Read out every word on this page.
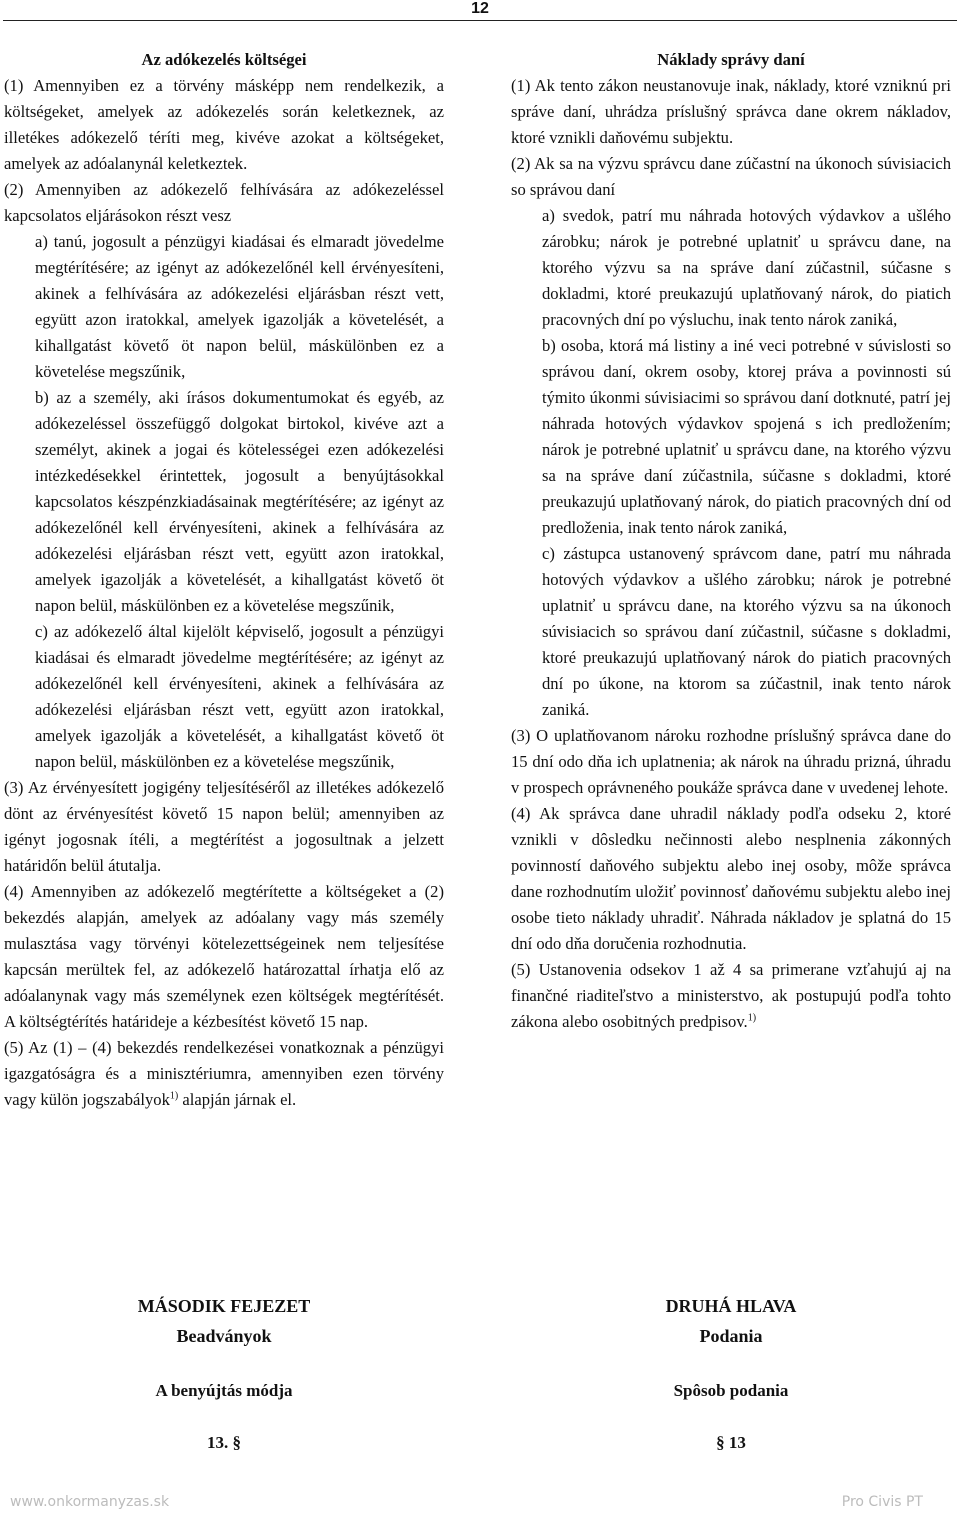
12

Az adókezelés költségei

(1) Amennyiben ez a törvény másképp nem rendelkezik, a költségeket, amelyek az adókezelés során keletkeznek, az illetékes adókezelő téríti meg, kivéve azokat a költségeket, amelyek az adóalanynál keletkeztek.

(2) Amennyiben az adókezelő felhívására az adókezeléssel kapcsolatos eljárásokon részt vesz

a) tanú, jogosult a pénzügyi kiadásai és elmaradt jövedelme megtérítésére; az igényt az adókezelőnél kell érvényesíteni, akinek a felhívására az adókezelési eljárásban részt vett, együtt azon iratokkal, amelyek igazolják a követelését, a kihallgatást követő öt napon belül, máskülönben ez a követelése megszűnik,

b) az a személy, aki írásos dokumentumokat és egyéb, az adókezeléssel összefüggő dolgokat birtokol, kivéve azt a személyt, akinek a jogai és kötelességei ezen adókezelési intézkedésekkel érintettek, jogosult a benyújtásokkal kapcsolatos készpénzkiadásainak megtérítésére; az igényt az adókezelőnél kell érvényesíteni, akinek a felhívására az adókezelési eljárásban részt vett, együtt azon iratokkal, amelyek igazolják a követelését, a kihallgatást követő öt napon belül, máskülönben ez a követelése megszűnik,

c) az adókezelő által kijelölt képviselő, jogosult a pénzügyi kiadásai és elmaradt jövedelme megtérítésére; az igényt az adókezelőnél kell érvényesíteni, akinek a felhívására az adókezelési eljárásban részt vett, együtt azon iratokkal, amelyek igazolják a követelését, a kihallgatást követő öt napon belül, máskülönben ez a követelése megszűnik,

(3) Az érvényesített jogigény teljesítéséről az illetékes adókezelő dönt az érvényesítést követő 15 napon belül; amennyiben az igényt jogosnak ítéli, a megtérítést a jogosultnak a jelzett határidőn belül átutalja.

(4) Amennyiben az adókezelő megtérítette a költségeket a (2) bekezdés alapján, amelyek az adóalany vagy más személy mulasztása vagy törvényi kötelezettségeinek nem teljesítése kapcsán merültek fel, az adókezelő határozattal írhatja elő az adóalanynak vagy más személynek ezen költségek megtérítését. A költségtérítés határideje a kézbesítést követő 15 nap.

(5) Az (1) – (4) bekezdés rendelkezései vonatkoznak a pénzügyi igazgatóságra és a minisztériumra, amennyiben ezen törvény vagy külön jogszabályok$^{1)}$ alapján járnak el.

Náklady správy daní

(1) Ak tento zákon neustanovuje inak, náklady, ktoré vzniknú pri správe daní, uhrádza príslušný správca dane okrem nákladov, ktoré vznikli daňovému subjektu.

(2) Ak sa na výzvu správcu dane zúčastní na úkonoch súvisiacich so správou daní

a) svedok, patrí mu náhrada hotových výdavkov a ušlého zárobku; nárok je potrebné uplatniť u správcu dane, na ktorého výzvu sa na správe daní zúčastnil, súčasne s dokladmi, ktoré preukazujú uplatňovaný nárok, do piatich pracovných dní po výsluchu, inak tento nárok zaniká,

b) osoba, ktorá má listiny a iné veci potrebné v súvislosti so správou daní, okrem osoby, ktorej práva a povinnosti sú týmito úkonmi súvisiacimi so správou daní dotknuté, patrí jej náhrada hotových výdavkov spojená s ich predložením; nárok je potrebné uplatniť u správcu dane, na ktorého výzvu sa na správe daní zúčastnila, súčasne s dokladmi, ktoré preukazujú uplatňovaný nárok, do piatich pracovných dní od predloženia, inak tento nárok zaniká,

c) zástupca ustanovený správcom dane, patrí mu náhrada hotových výdavkov a ušlého zárobku; nárok je potrebné uplatniť u správcu dane, na ktorého výzvu sa na úkonoch súvisiacich so správou daní zúčastnil, súčasne s dokladmi, ktoré preukazujú uplatňovaný nárok do piatich pracovných dní po úkone, na ktorom sa zúčastnil, inak tento nárok zaniká.

(3) O uplatňovanom nároku rozhodne príslušný správca dane do 15 dní odo dňa ich uplatnenia; ak nárok na úhradu prizná, úhradu v prospech oprávneného poukáže správca dane v uvedenej lehote.

(4) Ak správca dane uhradil náklady podľa odseku 2, ktoré vznikli v dôsledku nečinnosti alebo nesplnenia zákonných povinností daňového subjektu alebo inej osoby, môže správca dane rozhodnutím uložiť povinnosť daňovému subjektu alebo inej osobe tieto náklady uhradiť. Náhrada nákladov je splatná do 15 dní odo dňa doručenia rozhodnutia.

(5) Ustanovenia odsekov 1 až 4 sa primerane vzťahujú aj na finančné riaditeľstvo a ministerstvo, ak postupujú podľa tohto zákona alebo osobitných predpisov.$^{1)}$

MÁSODIK FEJEZET
Beadványok
A benyújtás módja
13. §
DRUHÁ HLAVA
Podania
Spôsob podania
§ 13
www.onkormanyzas.sk	Pro Civis PT
